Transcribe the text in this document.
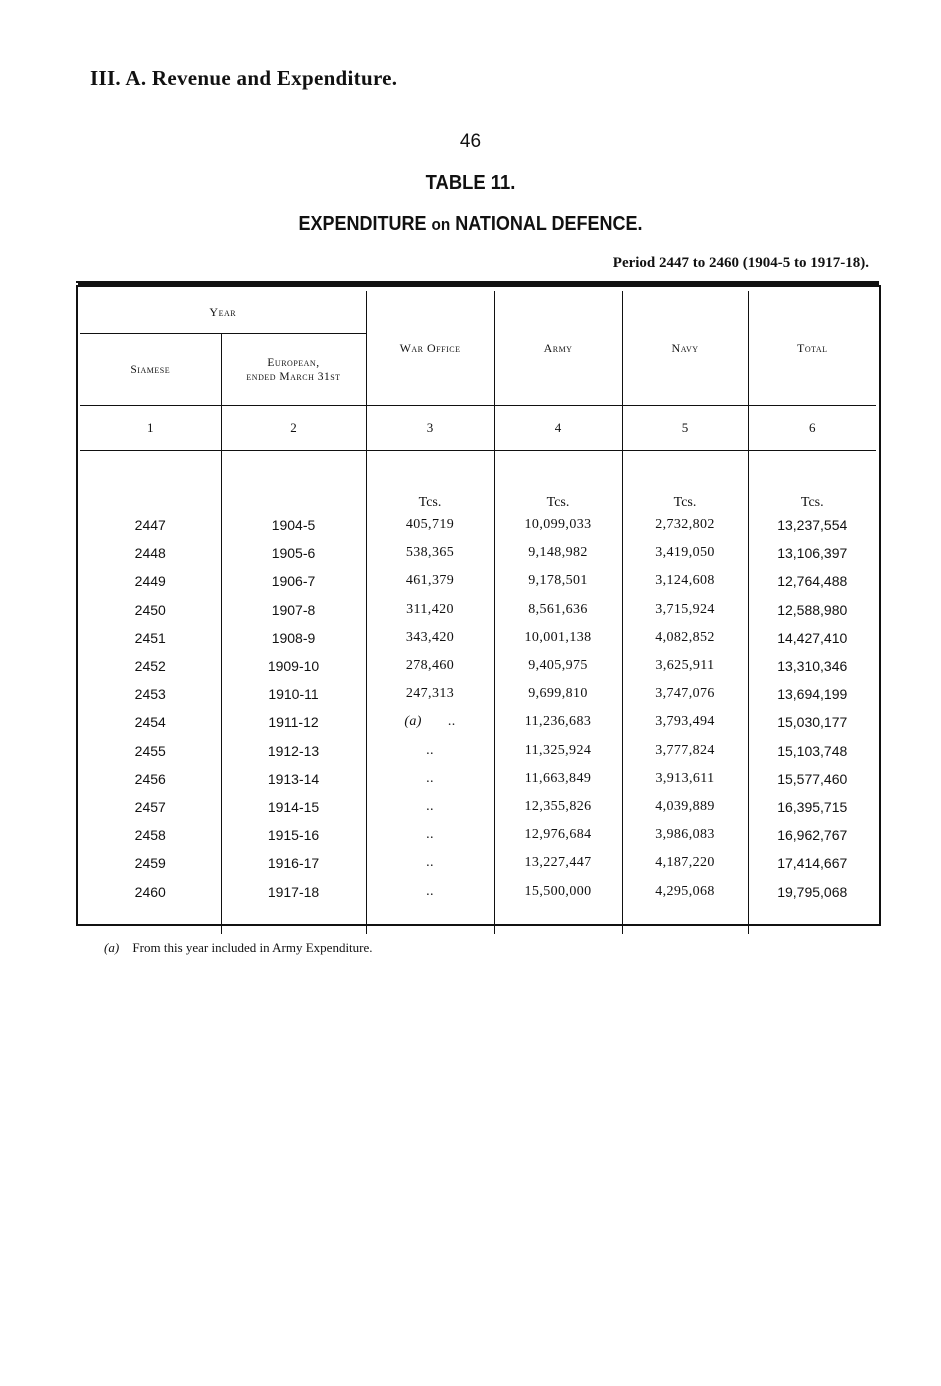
III. A. Revenue and Expenditure.
46
TABLE 11.
EXPENDITURE on NATIONAL DEFENCE.
Period 2447 to 2460 (1904-5 to 1917-18).
Year		War Office	Army	Navy	Total
Siamese	European,
ended March 31st				

1	2	3	4	5	6
		Tcs.	Tcs.	Tcs.	Tcs.
2447	1904-5	405,719	10,099,033	2,732,802	13,237,554
2448	1905-6	538,365	9,148,982	3,419,050	13,106,397
2449	1906-7	461,379	9,178,501	3,124,608	12,764,488
2450	1907-8	311,420	8,561,636	3,715,924	12,588,980
2451	1908-9	343,420	10,001,138	4,082,852	14,427,410
2452	1909-10	278,460	9,405,975	3,625,911	13,310,346
2453	1910-11	247,313	9,699,810	3,747,076	13,694,199
2454	1911-12	(a) ..	11,236,683	3,793,494	15,030,177
2455	1912-13	..	11,325,924	3,777,824	15,103,748
2456	1913-14	..	11,663,849	3,913,611	15,577,460
2457	1914-15	..	12,355,826	4,039,889	16,395,715
2458	1915-16	..	12,976,684	3,986,083	16,962,767
2459	1916-17	..	13,227,447	4,187,220	17,414,667
2460	1917-18	..	15,500,000	4,295,068	19,795,068

(a) From this year included in Army Expenditure.
